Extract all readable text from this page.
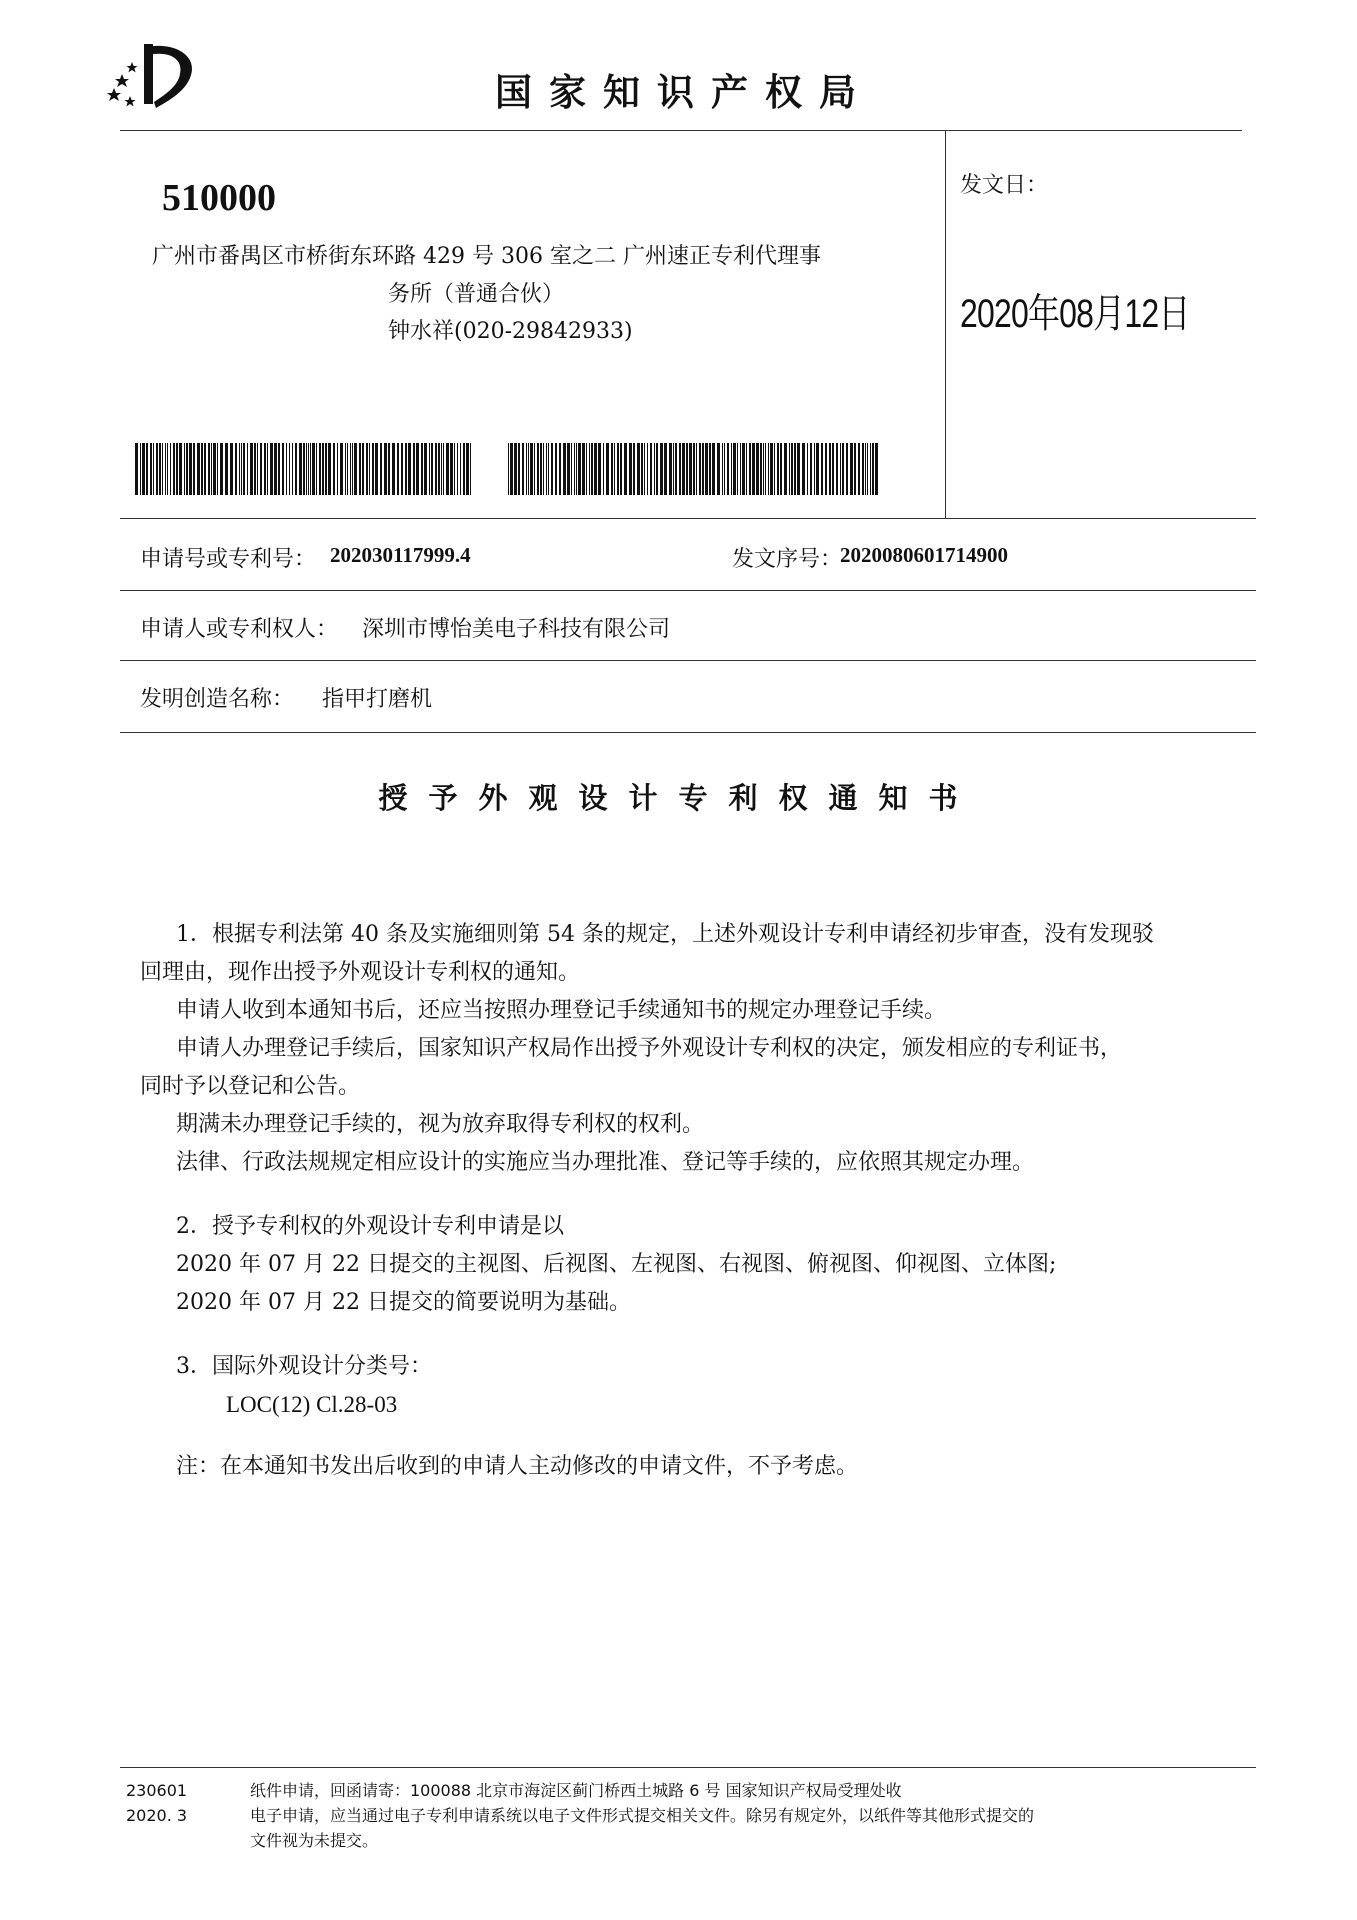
国家知识产权局
510000
广州市番禺区市桥街东环路 429 号 306 室之二 广州速正专利代理事
务所（普通合伙）
钟水祥(020-29842933)
发文日：
2020年08月12日
申请号或专利号： 202030117999.4	发文序号：
2020080601714900
申请人或专利权人： 深圳市博怡美电子科技有限公司
发明创造名称： 指甲打磨机
授予外观设计专利权通知书
1．根据专利法第 40 条及实施细则第 54 条的规定，上述外观设计专利申请经初步审查，没有发现驳
回理由，现作出授予外观设计专利权的通知。
申请人收到本通知书后，还应当按照办理登记手续通知书的规定办理登记手续。
申请人办理登记手续后，国家知识产权局作出授予外观设计专利权的决定，颁发相应的专利证书，
同时予以登记和公告。
期满未办理登记手续的，视为放弃取得专利权的权利。
法律、行政法规规定相应设计的实施应当办理批准、登记等手续的，应依照其规定办理。
2．授予专利权的外观设计专利申请是以
2020 年 07 月 22 日提交的主视图、后视图、左视图、右视图、俯视图、仰视图、立体图;
2020 年 07 月 22 日提交的简要说明为基础。
3．国际外观设计分类号：
LOC(12) Cl.28-03
注：在本通知书发出后收到的申请人主动修改的申请文件，不予考虑。
230601
2020. 3
纸件申请，回函请寄：100088 北京市海淀区蓟门桥西土城路 6 号 国家知识产权局受理处收
电子申请，应当通过电子专利申请系统以电子文件形式提交相关文件。除另有规定外，以纸件等其他形式提交的
文件视为未提交。
